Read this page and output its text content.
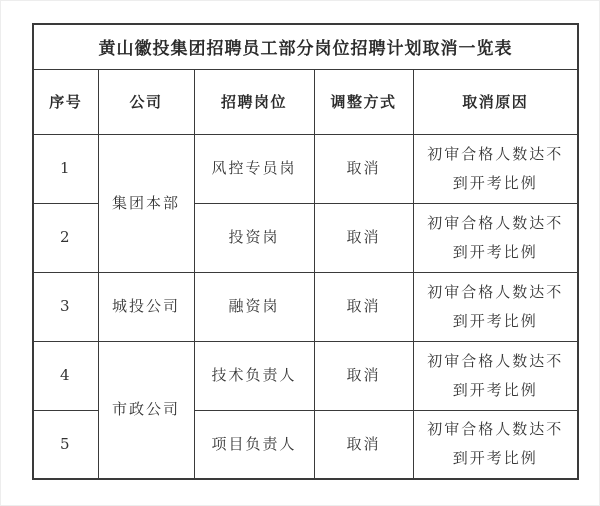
黄山徽投集团招聘员工部分岗位招聘计划取消一览表				
序号	公司	招聘岗位	调整方式	取消原因
1	集团本部	风控专员岗	取消	初审合格人数达不到开考比例
2		投资岗	取消	初审合格人数达不到开考比例
3	城投公司	融资岗	取消	初审合格人数达不到开考比例
4	市政公司	技术负责人	取消	初审合格人数达不到开考比例
5		项目负责人	取消	初审合格人数达不到开考比例
